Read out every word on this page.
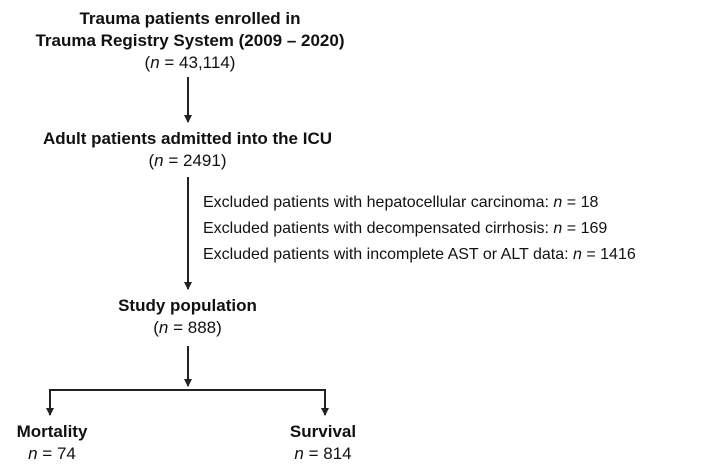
Trauma patients enrolled in
Trauma Registry System (2009 – 2020)
(n = 43,114)
Adult patients admitted into the ICU
(n = 2491)
Excluded patients with hepatocellular carcinoma: n = 18
Excluded patients with decompensated cirrhosis: n = 169
Excluded patients with incomplete AST or ALT data: n = 1416
Study population
(n = 888)
Mortality
n = 74
Survival
n = 814
